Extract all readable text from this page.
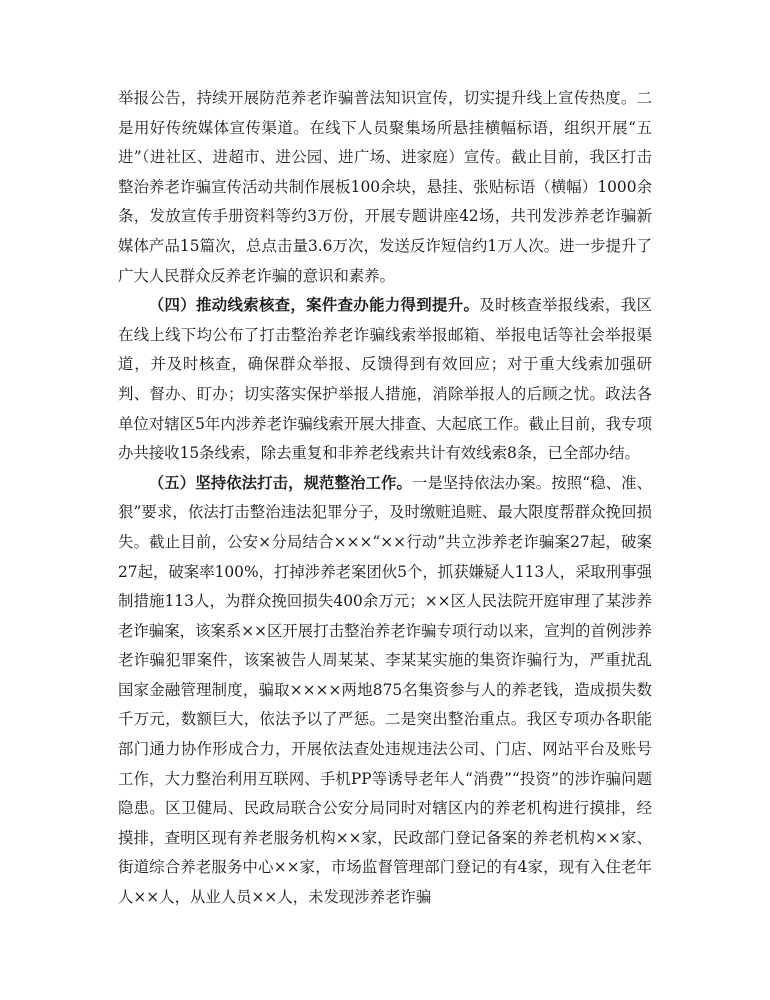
举报公告，持续开展防范养老诈骗普法知识宣传，切实提升线上宣传热度。二是用好传统媒体宣传渠道。在线下人员聚集场所悬挂横幅标语，组织开展“五进”（进社区、进超市、进公园、进广场、进家庭）宣传。截止目前，我区打击整治养老诈骗宣传活动共制作展板100余块，悬挂、张贴标语（横幅）1000余条，发放宣传手册资料等约3万份，开展专题讲座42场，共刊发涉养老诈骗新媒体产品15篇次，总点击量3.6万次，发送反诈短信约1万人次。进一步提升了广大人民群众反养老诈骗的意识和素养。

（四）推动线索核查，案件查办能力得到提升。及时核查举报线索，我区在线上线下均公布了打击整治养老诈骗线索举报邮箱、举报电话等社会举报渠道，并及时核查，确保群众举报、反馈得到有效回应；对于重大线索加强研判、督办、盯办；切实落实保护举报人措施，消除举报人的后顾之忧。政法各单位对辖区5年内涉养老诈骗线索开展大排查、大起底工作。截止目前，我专项办共接收15条线索，除去重复和非养老线索共计有效线索8条，已全部办结。

（五）坚持依法打击，规范整治工作。一是坚持依法办案。按照“稳、准、狠”要求，依法打击整治违法犯罪分子，及时缴赃追赃、最大限度帮群众挽回损失。截止目前，公安×分局结合×××“××行动”共立涉养老诈骗案27起，破案27起，破案率100%，打掉涉养老案团伙5个，抓获嫌疑人113人，采取刑事强制措施113人，为群众挽回损失400余万元；××区人民法院开庭审理了某涉养老诈骗案，该案系××区开展打击整治养老诈骗专项行动以来，宣判的首例涉养老诈骗犯罪案件，该案被告人周某某、李某某实施的集资诈骗行为，严重扰乱国家金融管理制度，骗取××××两地875名集资参与人的养老钱，造成损失数千万元，数额巨大，依法予以了严惩。二是突出整治重点。我区专项办各职能部门通力协作形成合力，开展依法查处违规违法公司、门店、网站平台及账号工作，大力整治利用互联网、手机PP等诱导老年人“消费”“投资”的涉诈骗问题隐患。区卫健局、民政局联合公安分局同时对辖区内的养老机构进行摸排，经摸排，查明区现有养老服务机构××家，民政部门登记备案的养老机构××家、街道综合养老服务中心××家，市场监督管理部门登记的有4家，现有入住老年人××人，从业人员××人，未发现涉养老诈骗
